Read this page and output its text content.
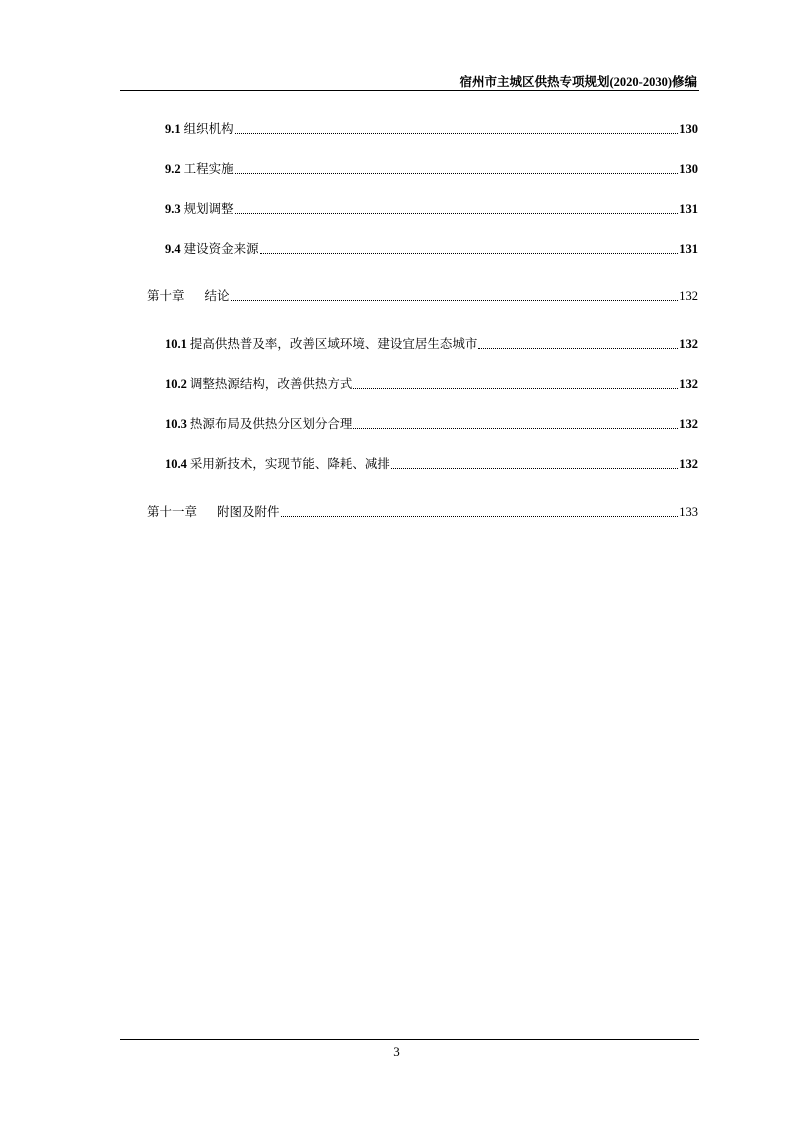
宿州市主城区供热专项规划(2020-2030)修编
9.1 组织机构	130
9.2 工程实施	130
9.3 规划调整	131
9.4 建设资金来源	131
第十章 结论	132
10.1 提高供热普及率，改善区域环境、建设宜居生态城市	132
10.2 调整热源结构，改善供热方式	132
10.3 热源布局及供热分区划分合理	132
10.4 采用新技术，实现节能、降耗、减排	132
第十一章 附图及附件	133
3
